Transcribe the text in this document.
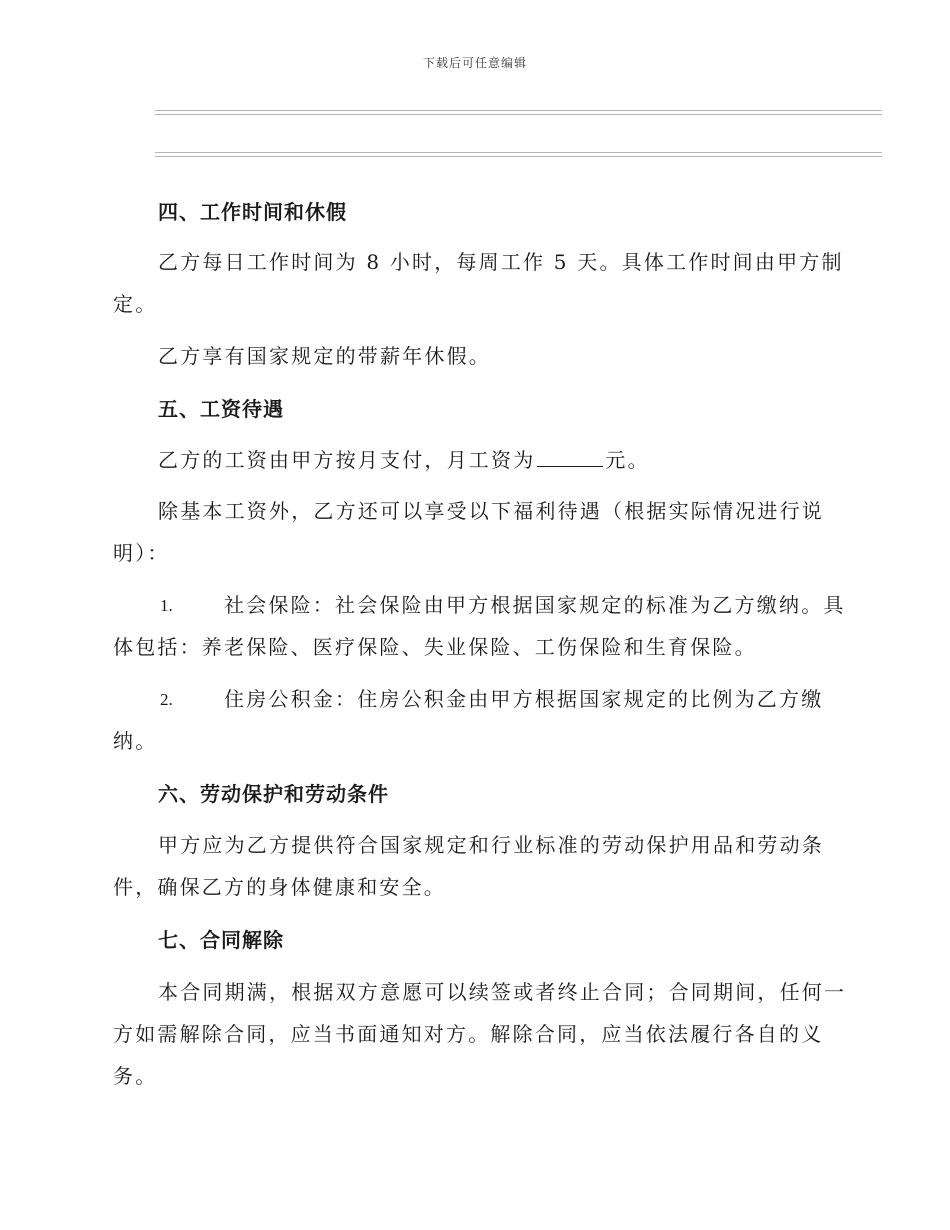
下载后可任意编辑
四、工作时间和休假
乙方每日工作时间为 8 小时，每周工作 5 天。具体工作时间由甲方制
定。
乙方享有国家规定的带薪年休假。
五、工资待遇
乙方的工资由甲方按月支付，月工资为	元。
除基本工资外，乙方还可以享受以下福利待遇（根据实际情况进行说
明）：
1.	社会保险：社会保险由甲方根据国家规定的标准为乙方缴纳。具
体包括：养老保险、医疗保险、失业保险、工伤保险和生育保险。
2.	住房公积金：住房公积金由甲方根据国家规定的比例为乙方缴
纳。
六、劳动保护和劳动条件
甲方应为乙方提供符合国家规定和行业标准的劳动保护用品和劳动条
件，确保乙方的身体健康和安全。
七、合同解除
本合同期满，根据双方意愿可以续签或者终止合同；合同期间，任何一
方如需解除合同，应当书面通知对方。解除合同，应当依法履行各自的义
务。
